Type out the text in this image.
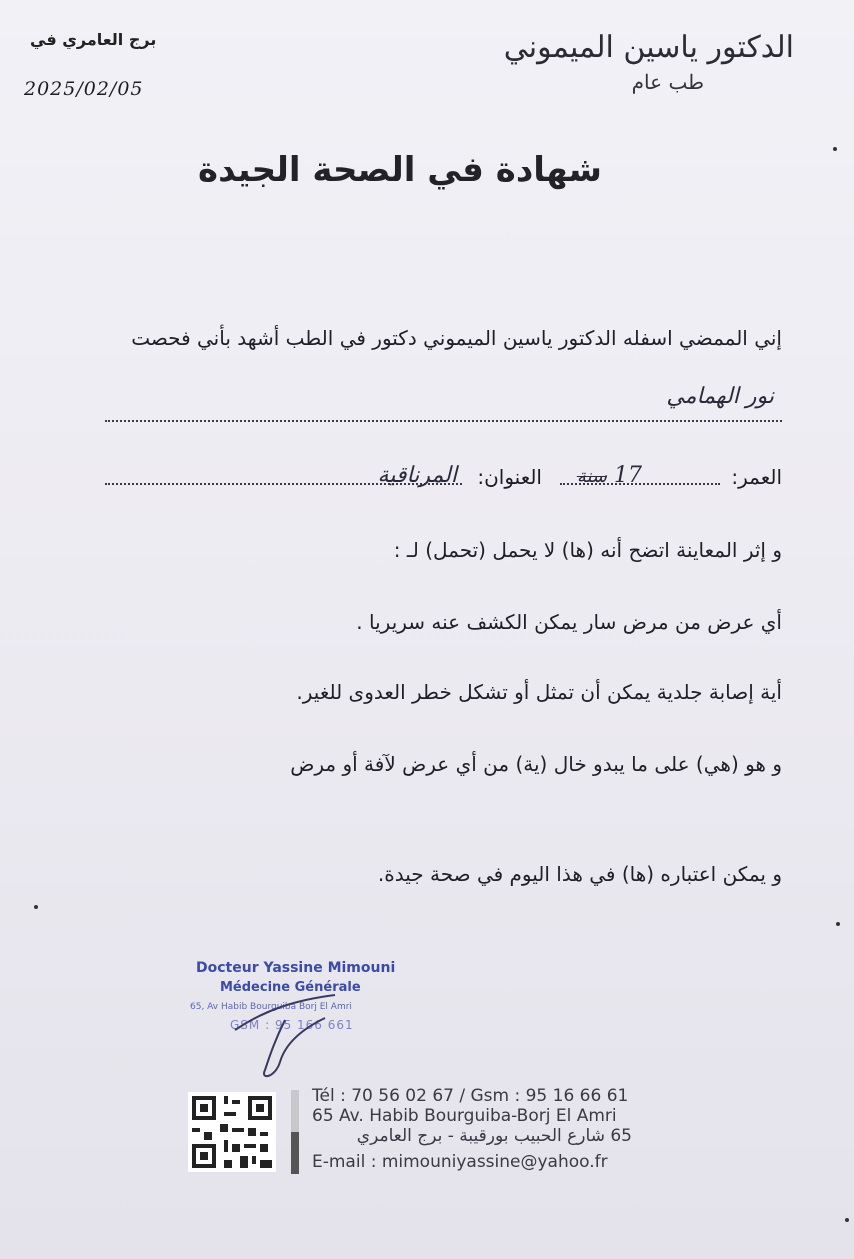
الدكتور ياسين الميموني
طب عام
برج العامري في
2025/02/05
شهادة في الصحة الجيدة
إني الممضي اسفله الدكتور ياسين الميموني دكتور في الطب أشهد بأني فحصت
نور الهمامي
العمر:
17 سنة
العنوان:
المرناقية
و إثر المعاينة اتضح أنه (ها) لا يحمل (تحمل) لـ :
أي عرض من مرض سار يمكن الكشف عنه سريريا .
أية إصابة جلدية يمكن أن تمثل أو تشكل خطر العدوى للغير.
و هو (هي) على ما يبدو خال (ية) من أي عرض لآفة أو مرض
و يمكن اعتباره (ها) في هذا اليوم في صحة جيدة.
Docteur Yassine Mimouni
Médecine Générale
65, Av Habib Bourguiba Borj El Amri
GSM : 95 166 661
Tél : 70 56 02 67 / Gsm : 95 16 66 61
65 Av. Habib Bourguiba-Borj El Amri
65 شارع الحبيب بورقيبة - برج العامري
E-mail : mimouniyassine@yahoo.fr
